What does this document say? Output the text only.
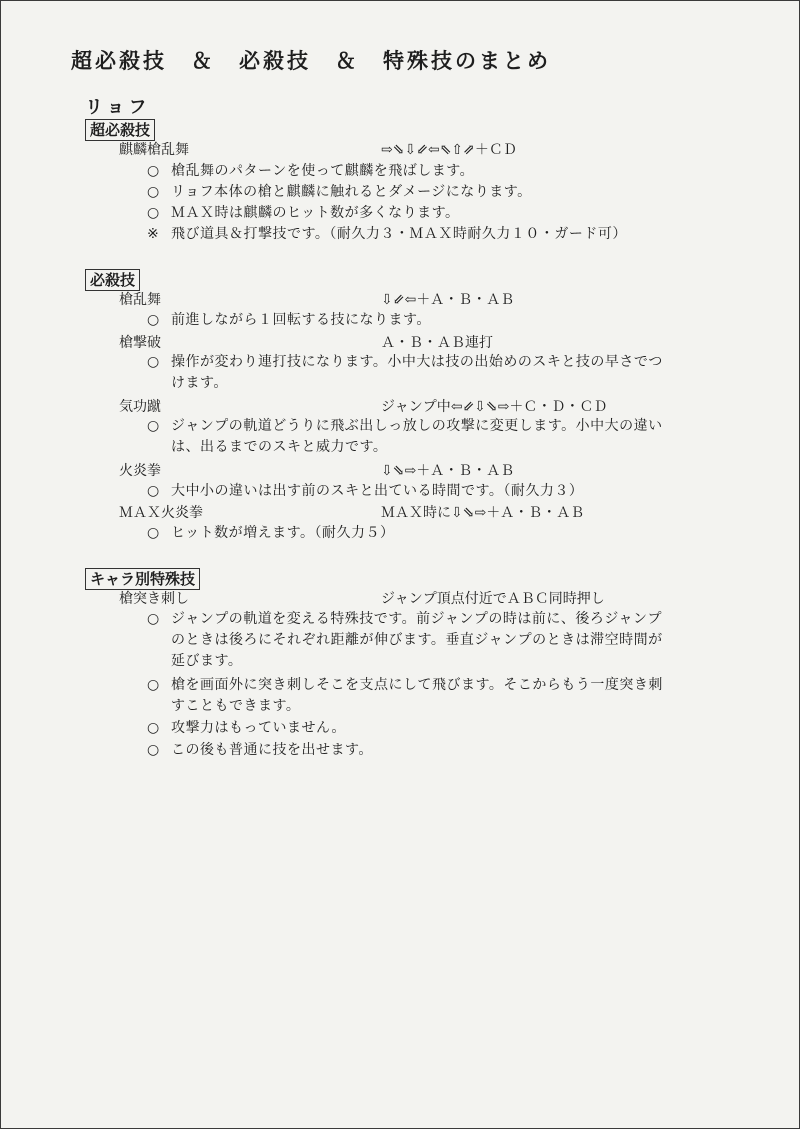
超必殺技　＆　必殺技　＆　特殊技のまとめ
リョフ
超必殺技
麒麟槍乱舞	⇨⇘⇩⇙⇦⇖⇧⇗＋ＣＤ
○ 槍乱舞のパターンを使って麒麟を飛ばします。
○ リョフ本体の槍と麒麟に触れるとダメージになります。
○ ＭＡＸ時は麒麟のヒット数が多くなります。
※ 飛び道具＆打撃技です。（耐久力３・ＭＡＸ時耐久力１０・ガード可）
必殺技
槍乱舞	⇩⇙⇦＋Ａ・Ｂ・ＡＢ
○ 前進しながら１回転する技になります。
槍撃破	Ａ・Ｂ・ＡＢ連打
○ 操作が変わり連打技になります。小中大は技の出始めのスキと技の早さでつ
けます。
気功蹴	ジャンプ中⇦⇙⇩⇘⇨＋Ｃ・Ｄ・ＣＤ
○ ジャンプの軌道どうりに飛ぶ出しっ放しの攻撃に変更します。小中大の違い
は、出るまでのスキと威力です。
火炎拳	⇩⇘⇨＋Ａ・Ｂ・ＡＢ
○ 大中小の違いは出す前のスキと出ている時間です。（耐久力３）
ＭＡＸ火炎拳	ＭＡＸ時に⇩⇘⇨＋Ａ・Ｂ・ＡＢ
○ ヒット数が増えます。（耐久力５）
キャラ別特殊技
槍突き刺し	ジャンプ頂点付近でＡＢＣ同時押し
○ ジャンプの軌道を変える特殊技です。前ジャンプの時は前に、後ろジャンプ
のときは後ろにそれぞれ距離が伸びます。垂直ジャンプのときは滞空時間が
延びます。
○ 槍を画面外に突き刺しそこを支点にして飛びます。そこからもう一度突き刺
すこともできます。
○ 攻撃力はもっていません。
○ この後も普通に技を出せます。
